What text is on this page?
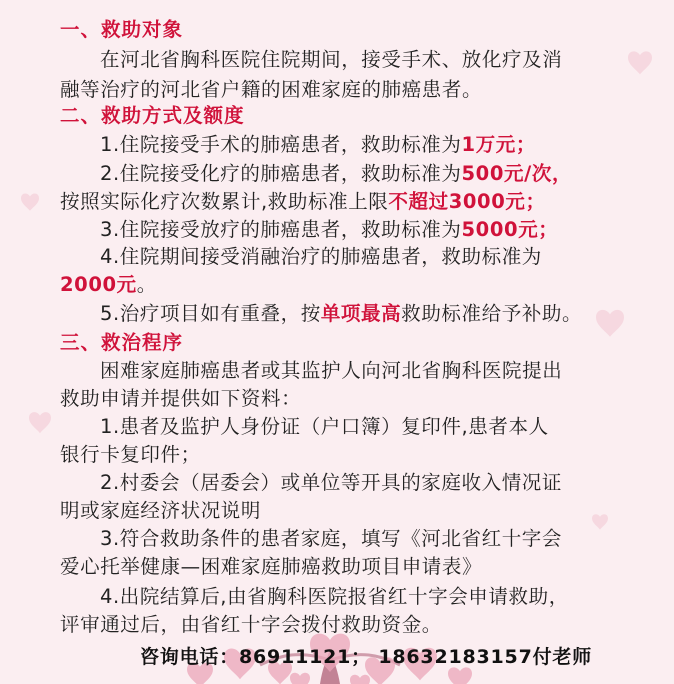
一、救助对象
在河北省胸科医院住院期间，接受手术、放化疗及消
融等治疗的河北省户籍的困难家庭的肺癌患者。
二、救助方式及额度
1.住院接受手术的肺癌患者，救助标准为1万元；
2.住院接受化疗的肺癌患者，救助标准为500元/次，
按照实际化疗次数累计,救助标准上限不超过3000元；
3.住院接受放疗的肺癌患者，救助标准为5000元；
4.住院期间接受消融治疗的肺癌患者，救助标准为
2000元。
5.治疗项目如有重叠，按单项最高救助标准给予补助。
三、救治程序
困难家庭肺癌患者或其监护人向河北省胸科医院提出
救助申请并提供如下资料：
1.患者及监护人身份证（户口簿）复印件,患者本人
银行卡复印件；
2.村委会（居委会）或单位等开具的家庭收入情况证
明或家庭经济状况说明
3.符合救助条件的患者家庭，填写《河北省红十字会
爱心托举健康—困难家庭肺癌救助项目申请表》
4.出院结算后,由省胸科医院报省红十字会申请救助，
评审通过后，由省红十字会拨付救助资金。
咨询电话：86911121； 18632183157付老师
